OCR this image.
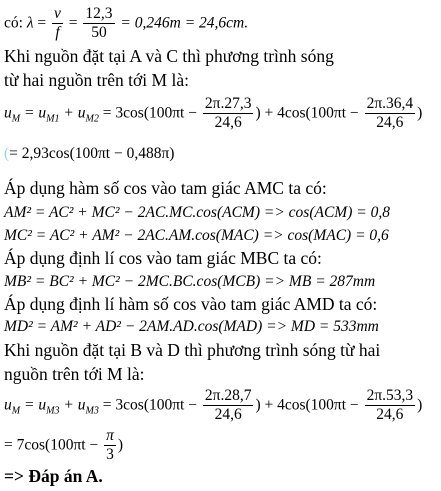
có: $\lambda = \frac{v}{f} = \frac{12,3}{50} = 0,246m = 24,6cm$.
Khi nguồn đặt tại A và C thì phương trình sóng
từ hai nguồn trên tới M là:
$u_M = u_{M1} + u_{M2} = 3\cos(100\pi t - \frac{2\pi.27,3}{24,6}$ ) + $4\cos(100\pi t - \frac{2\pi.36,4}{24,6}$ )
(= 2,93cos(100πt − 0,488π)
Áp dụng hàm số cos vào tam giác AMC ta có:
AM² = AC² + MC² − 2AC.MC.cos(ACM) => cos(ACM) = 0,8
MC² = AC² + AM² − 2AC.AM.cos(MAC) => cos(MAC) = 0,6
Áp dụng định lí cos vào tam giác MBC ta có:
MB² = BC² + MC² − 2MC.BC.cos(MCB) => MB = 287mm
Áp dụng định lí hàm số cos vào tam giác AMD ta có:
MD² = AM² + AD² − 2AM.AD.cos(MAD) => MD = 533mm
Khi nguồn đặt tại B và D thì phương trình sóng từ hai
nguồn trên tới M là:
$u_M = u_{M3} + u_{M3} = 3\cos(100\pi t - \frac{2\pi.28,7}{24,6}$ ) + $4\cos(100\pi t - \frac{2\pi.53,3}{24,6}$ )
= $7\cos(100\pi t - \frac{\pi}{3}$ )
=> Đáp án A.
